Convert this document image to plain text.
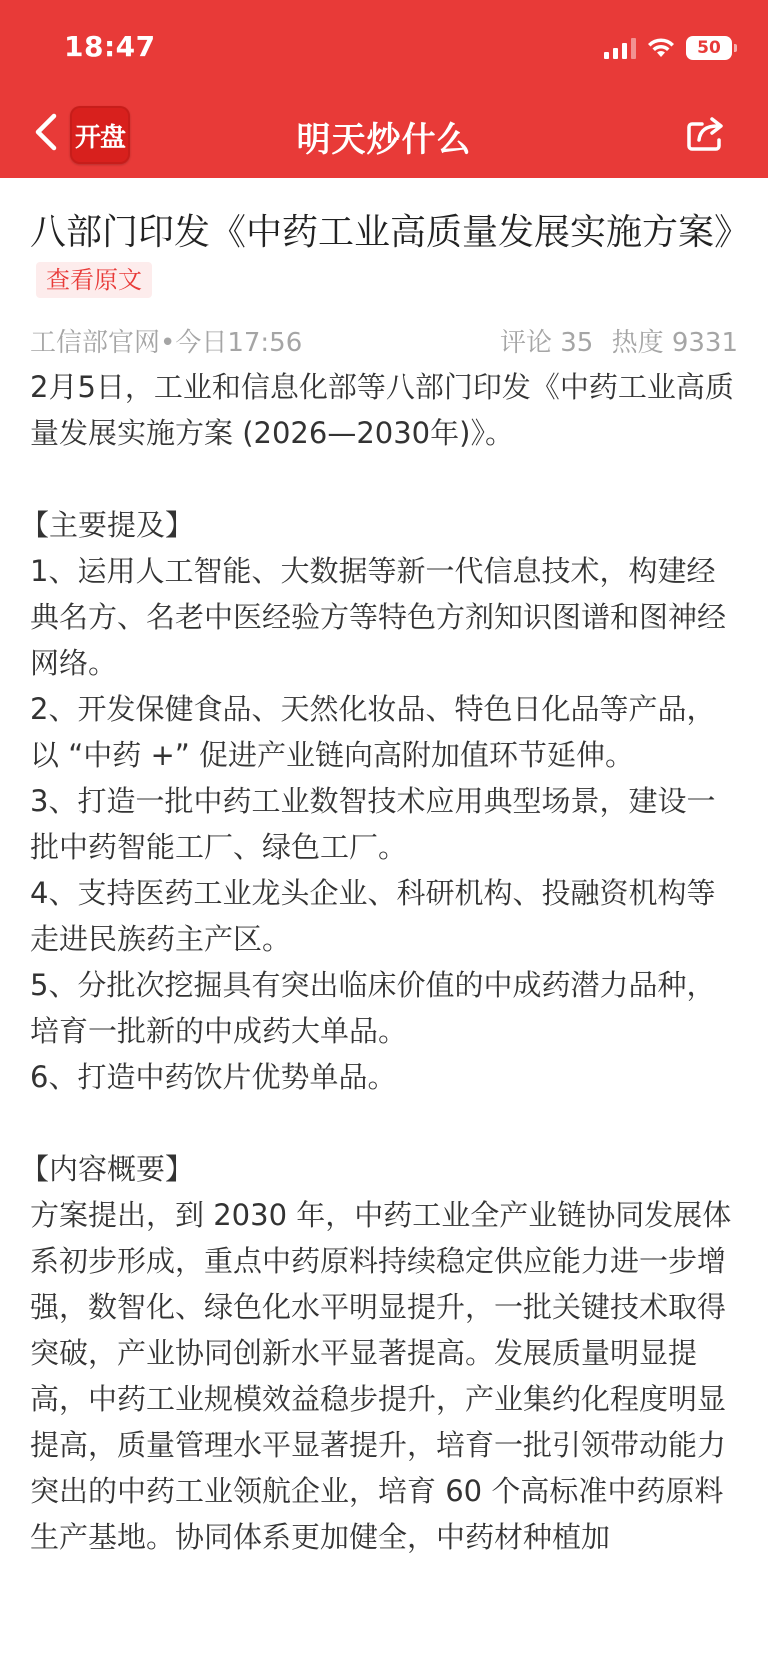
18:47	50
开盘	明天炒什么
八部门印发《中药工业高质量发展实施方案》查看原文
工信部官网•今日17:56	评论 35 热度 9331

2月5日，工业和信息化部等八部门印发《中药工业高质量发展实施方案 (2026—2030年)》。

【主要提及】

1、运用人工智能、大数据等新一代信息技术，构建经典名方、名老中医经验方等特色方剂知识图谱和图神经网络。

2、开发保健食品、天然化妆品、特色日化品等产品，以 “中药 +” 促进产业链向高附加值环节延伸。

3、打造一批中药工业数智技术应用典型场景，建设一批中药智能工厂、绿色工厂。

4、支持医药工业龙头企业、科研机构、投融资机构等走进民族药主产区。

5、分批次挖掘具有突出临床价值的中成药潜力品种，培育一批新的中成药大单品。

6、打造中药饮片优势单品。

【内容概要】

方案提出，到 2030 年，中药工业全产业链协同发展体系初步形成，重点中药原料持续稳定供应能力进一步增强，数智化、绿色化水平明显提升，一批关键技术取得突破，产业协同创新水平显著提高。发展质量明显提高，中药工业规模效益稳步提升，产业集约化程度明显提高，质量管理水平显著提升，培育一批引领带动能力突出的中药工业领航企业，培育 60 个高标准中药原料生产基地。协同体系更加健全，中药材种植加
